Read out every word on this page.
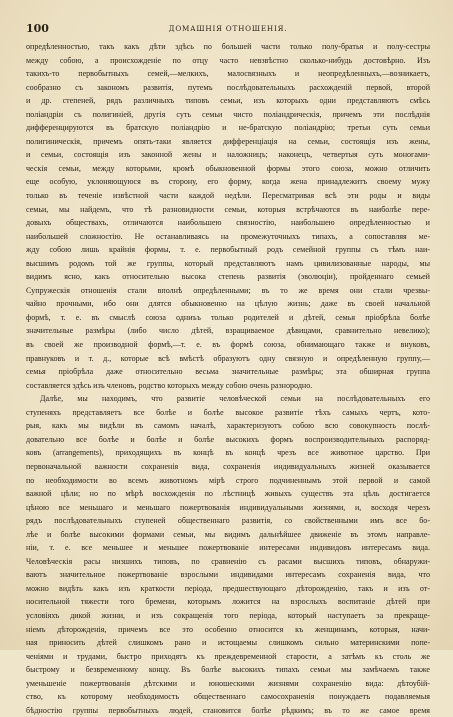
100	ДОМАШНІЯ ОТНОШЕНІЯ.
опредѣленностью, такъ какъ дѣти здѣсь по большей части только полу-братья и полу-сестры
между собою, а происхожденіе по отцу часто невзвѣстно сколько-нибудь достовѣрно. Изъ
такихъ-то первобытныхъ семей,—мелкихъ, малосвязныхъ и неопредѣленныхъ,—возникаетъ,
сообразно съ закономъ развитія, путемъ послѣдовательныхъ расхожденій первой, второй
и др. степеней, рядъ различныхъ типовъ семьи, изъ которыхъ одни представляютъ смѣсь
поліандріи съ полигиніей, другія суть семьи чисто поліандрическія, причемъ эти послѣднія
дифференцируются въ братскую поліандрію и не-братскую поліандрію; третьи суть семьи
полигиническія, причемъ опять-таки является дифференціація на семьи, состоящія изъ жены,
и семьи, состоящія изъ законной жены и наложницъ; наконецъ, четвертыя суть моногами-
ческія семьи, между которыми, кромѣ обыкновенной формы этого союза, можно отличить
еще особую, уклоняющуюся въ сторону, его форму, когда жена принадлежитъ своему мужу
только въ теченіе извѣстной части каждой недѣли. Пересматривая всѣ эти роды и виды
семьи, мы найдемъ, что тѣ разновидности семьи, которыя встрѣчаются въ наиболѣе пере-
довыхъ обществахъ, отличаются наибольшею связностію, наибольшею опредѣленностью и
наибольшей сложностію. Не останавливаясь на промежуточныхъ типахъ, а сопоставляя ме-
жду собою лишь крайнія формы, т. е. первобытный родъ семейной группы съ тѣмъ наи-
высшимъ родомъ той же группы, который представляютъ намъ цивилизованные народы, мы
видимъ ясно, какъ относительно высока степень развитія (эволюціи), пройденнаго семьей
Супружескія отношенія стали вполнѣ опредѣленными; въ то же время они стали чрезвы-
чайно прочными, ибо они длятся обыкновенно на цѣлую жизнь; даже въ своей начальной
формѣ, т. е. въ смыслѣ союза одниъъ только родителей и дѣтей, семья пріобрѣла болѣе
значительные размѣры (либо число дѣтей, взращиваемое дѣвицами, сравнительно невелико);
въ своей же производной формѣ,—т. е. въ формѣ союза, обнимающаго также и внуковъ,
правнуковъ и т. д., которые всѣ вмѣстѣ образуютъ одну связную и опредѣленную группу,—
семья пріобрѣла даже относительно весьма значительные размѣры; эта обширная группа
составляется здѣсь изъ членовъ, родство которыхъ между собою очень разнородно.
Далѣе, мы находимъ, что развитіе человѣческой семьи на послѣдовательныхъ его
ступеняхъ представляетъ все болѣе и болѣе высокое развитіе тѣхъ самыхъ чертъ, кото-
рыя, какъ мы видѣли въ самомъ началѣ, характеризуютъ собою всю совокупность послѣ-
довательно все болѣе и болѣе и болѣе высокихъ формъ воспроизводительныхъ распоряд-
ковъ (arrangements), приходящихъ въ концѣ въ концѣ чрезъ все животное царство. При
первоначальной важности сохраненія вида, сохраненія индивидуальныхъ жизней оказывается
по необходимости во всемъ животномъ мірѣ строго подчиненнымъ этой первой и самой
важной цѣли; но по мѣрѣ восхожденія по лѣстницѣ живыхъ существъ эта цѣль достигается
цѣною все меньшаго и меньшаго пожертвованія индивидуальными жизнями, и, восходя черезъ
рядъ послѣдовательныхъ ступеней общественнаго развитія, со свойственными имъ все бо-
лѣе и болѣе высокими формами семьи, мы видимъ дальнѣйшее движеніе въ этомъ направле-
ніи, т. е. все меньшее и меньшее пожертвованіе интересами индивидовъ интересамъ вида.
Человѣческія расы низшихъ типовъ, по сравненію съ расами высшихъ типовъ, обнаружи-
ваютъ значительное пожертвованіе взрослыми индивидами интересамъ сохраненія вида, что
можно видѣть какъ изъ краткости періода, предшествующаго дѣторожденію, такъ и изъ от-
носительной тяжести того бремени, которымъ ложится на взрослыхъ воспитаніе дѣтей при
условіяхъ дикой жизни, и изъ сокращенія того періода, который наступаетъ за прекраще-
ніемъ дѣторожденія, причемъ все это особенно относится къ женщинамъ, которыя, начи-
ная приносить дѣтей слишкомъ рано и истощаемы слишкомъ сильно материнскими попе-
ченіями и трудами, быстро приходятъ къ преждевременной старости, а затѣмъ къ столь же
быстрому и безвременному концу. Въ болѣе высокихъ типахъ семьи мы замѣчаемъ также
уменьшеніе пожертвованія дѣтскими и юношескими жизнями сохраненію вида: дѣтоубій-
ство, къ которому необходимость общественнаго самосохраненія понуждаетъ подавляемыя
бѣдностію группы первобытныхъ людей, становится болѣе рѣдкимъ; въ то же самое время
